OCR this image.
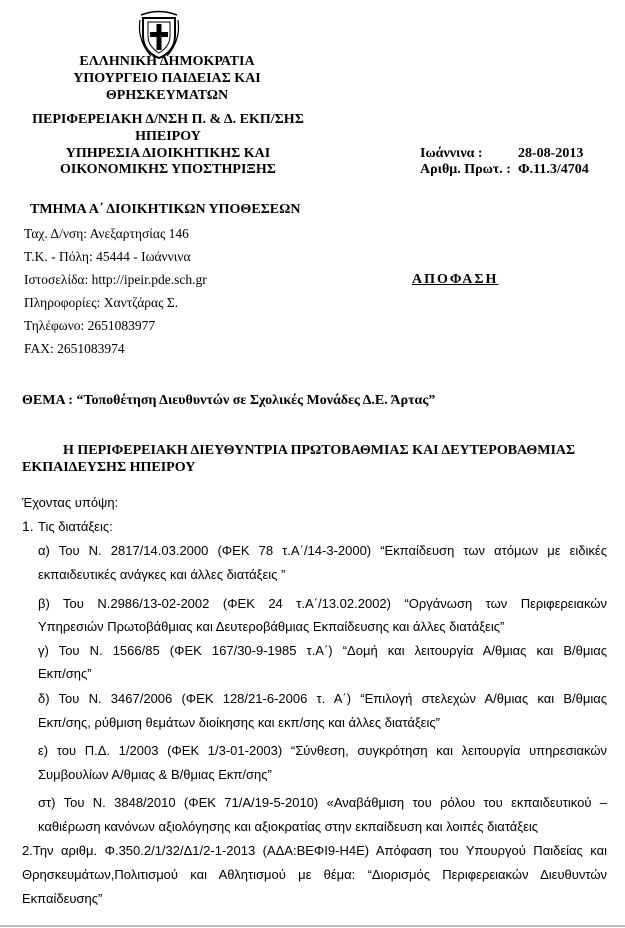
ΕΛΛΗΝΙΚΗ ΔΗΜΟΚΡΑΤΙΑ
ΥΠΟΥΡΓΕΙΟ ΠΑΙΔΕΙΑΣ ΚΑΙ
ΘΡΗΣΚΕΥΜΑΤΩΝ
ΠΕΡΙΦΕΡΕΙΑΚΗ Δ/ΝΣΗ Π. & Δ. ΕΚΠ/ΣΗΣ
ΗΠΕΙΡΟΥ
ΥΠΗΡΕΣΙΑ ΔΙΟΙΚΗΤΙΚΗΣ ΚΑΙ
ΟΙΚΟΝΟΜΙΚΗΣ ΥΠΟΣΤΗΡΙΞΗΣ
Ιωάννινα :	28-08-2013
Αριθμ. Πρωτ. : Φ.11.3/4704
ΤΜΗΜΑ Α΄ ΔΙΟΙΚΗΤΙΚΩΝ ΥΠΟΘΕΣΕΩΝ
Ταχ. Δ/νση: Ανεξαρτησίας 146
Τ.Κ. - Πόλη: 45444 - Ιωάννινα
Ιστοσελίδα: http://ipeir.pde.sch.gr
Πληροφορίες: Χαντζάρας Σ.
Τηλέφωνο: 2651083977
FAX: 2651083974
ΑΠΟΦΑΣΗ
ΘΕΜΑ : “Τοποθέτηση Διευθυντών σε Σχολικές Μονάδες Δ.Ε. Άρτας”
Η ΠΕΡΙΦΕΡΕΙΑΚΗ ΔΙΕΥΘΥΝΤΡΙΑ ΠΡΩΤΟΒΑΘΜΙΑΣ ΚΑΙ ΔΕΥΤΕΡΟΒΑΘΜΙΑΣ
ΕΚΠΑΙΔΕΥΣΗΣ ΗΠΕΙΡΟΥ
Έχοντας υπόψη:
1. Τις διατάξεις:
α) Του Ν. 2817/14.03.2000 (ΦΕΚ 78 τ.Α΄/14-3-2000) “Εκπαίδευση των ατόμων με ειδικές
εκπαιδευτικές ανάγκες και άλλες διατάξεις ”
β) Του Ν.2986/13-02-2002 (ΦΕΚ 24 τ.Α΄/13.02.2002) “Οργάνωση των Περιφερειακών
Υπηρεσιών Πρωτοβάθμιας και Δευτεροβάθμιας Εκπαίδευσης και άλλες διατάξεις”
γ) Του Ν. 1566/85 (ΦΕΚ 167/30-9-1985 τ.Α΄) “Δομή και λειτουργία Α/θμιας και Β/θμιας
Εκπ/σης”
δ) Του Ν. 3467/2006 (ΦΕΚ 128/21-6-2006 τ. Α΄) “Επιλογή στελεχών Α/θμιας και Β/θμιας
Εκπ/σης, ρύθμιση θεμάτων διοίκησης και εκπ/σης και άλλες διατάξεις”
ε) του Π.Δ. 1/2003 (ΦΕΚ 1/3-01-2003) “Σύνθεση, συγκρότηση και λειτουργία υπηρεσιακών
Συμβουλίων Α/θμιας & Β/θμιας Εκπ/σης”
στ) Του Ν. 3848/2010 (ΦΕΚ 71/Α/19-5-2010) «Αναβάθμιση του ρόλου του εκπαιδευτικού –
καθιέρωση κανόνων αξιολόγησης και αξιοκρατίας στην εκπαίδευση και λοιπές διατάξεις
2.Την αριθμ. Φ.350.2/1/32/Δ1/2-1-2013 (ΑΔΑ:ΒΕΦΙ9-Η4Ε) Απόφαση του Υπουργού Παιδείας και
Θρησκευμάτων,Πολιτισμού και Αθλητισμού με θέμα: “Διορισμός Περιφερειακών Διευθυντών
Εκπαίδευσης”
